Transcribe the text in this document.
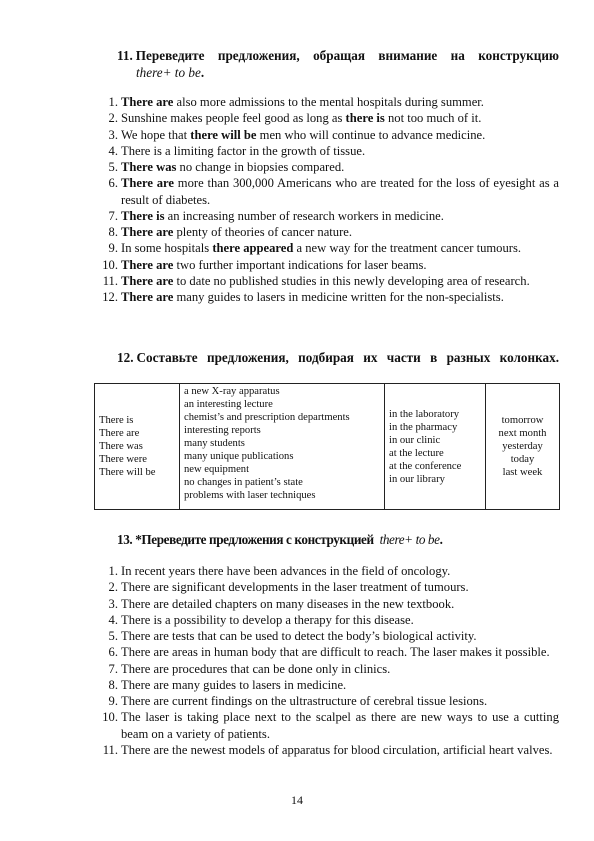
11. Переведите предложения, обращая внимание на конструкцию
there+ to be.
1. There are also more admissions to the mental hospitals during summer.
2. Sunshine makes people feel good as long as there is not too much of it.
3. We hope that there will be men who will continue to advance medicine.
4. There is a limiting factor in the growth of tissue.
5. There was no change in biopsies compared.
6. There are more than 300,000 Americans who are treated for the loss of eyesight as a result of diabetes.
7. There is an increasing number of research workers in medicine.
8. There are plenty of theories of cancer nature.
9. In some hospitals there appeared a new way for the treatment cancer tumours.
10. There are two further important indications for laser beams.
11. There are to date no published studies in this newly developing area of research.
12. There are many guides to lasers in medicine written for the non-specialists.
12. Составьте предложения, подбирая их части в разных колонках.
There is
There are
There was
There were
There will be

a new X-ray apparatus
an interesting lecture
chemist’s and prescription departments
interesting reports
many students
many unique publications
new equipment
no changes in patient’s state
problems with laser techniques

in the laboratory
in the pharmacy
in our clinic
at the lecture
at the conference
in our library

tomorrow
next month
yesterday
today
last week
13. *Переведите предложения с конструкцией there+ to be.
1. In recent years there have been advances in the field of oncology.
2. There are significant developments in the laser treatment of tumours.
3. There are detailed chapters on many diseases in the new textbook.
4. There is a possibility to develop a therapy for this disease.
5. There are tests that can be used to detect the body’s biological activity.
6. There are areas in human body that are difficult to reach. The laser makes it possible.
7. There are procedures that can be done only in clinics.
8. There are many guides to lasers in medicine.
9. There are current findings on the ultrastructure of cerebral tissue lesions.
10. The laser is taking place next to the scalpel as there are new ways to use a cutting beam on a variety of patients.
11. There are the newest models of apparatus for blood circulation, artificial heart valves.
14
